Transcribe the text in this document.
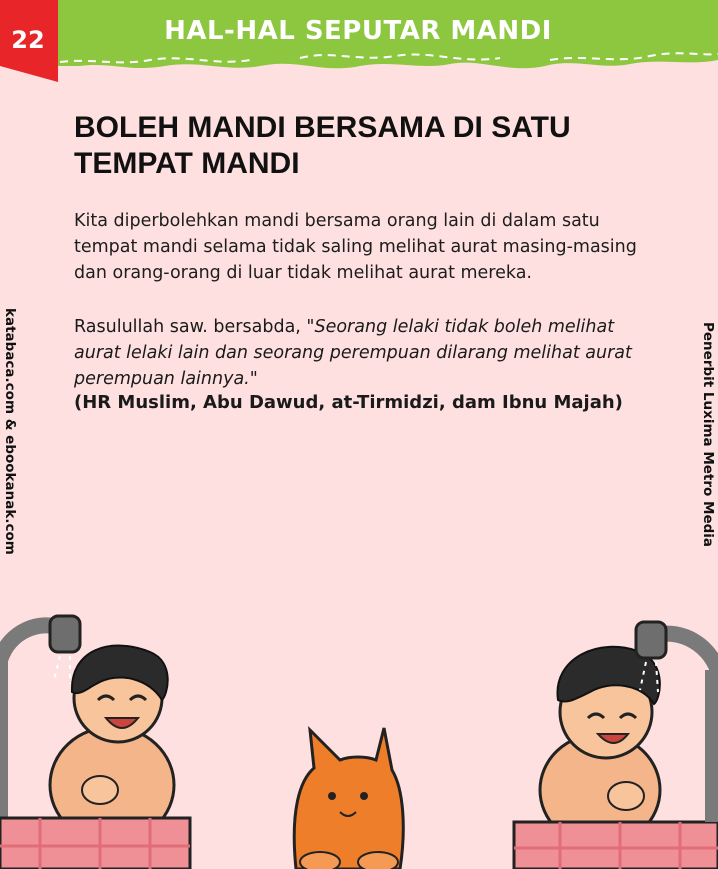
22	HAL-HAL SEPUTAR MANDI
BOLEH MANDI BERSAMA DI SATU TEMPAT MANDI

Kita diperbolehkan mandi bersama orang lain di dalam satu tempat mandi selama tidak saling melihat aurat masing-masing dan orang-orang di luar tidak melihat aurat mereka.

Rasulullah saw. bersabda, "Seorang lelaki tidak boleh melihat aurat lelaki lain dan seorang perempuan dilarang melihat aurat perempuan lainnya."
(HR Muslim, Abu Dawud, at-Tirmidzi, dam Ibnu Majah)
katabaca.com & ebookanak.com	Penerbit Luxima Metro Media
